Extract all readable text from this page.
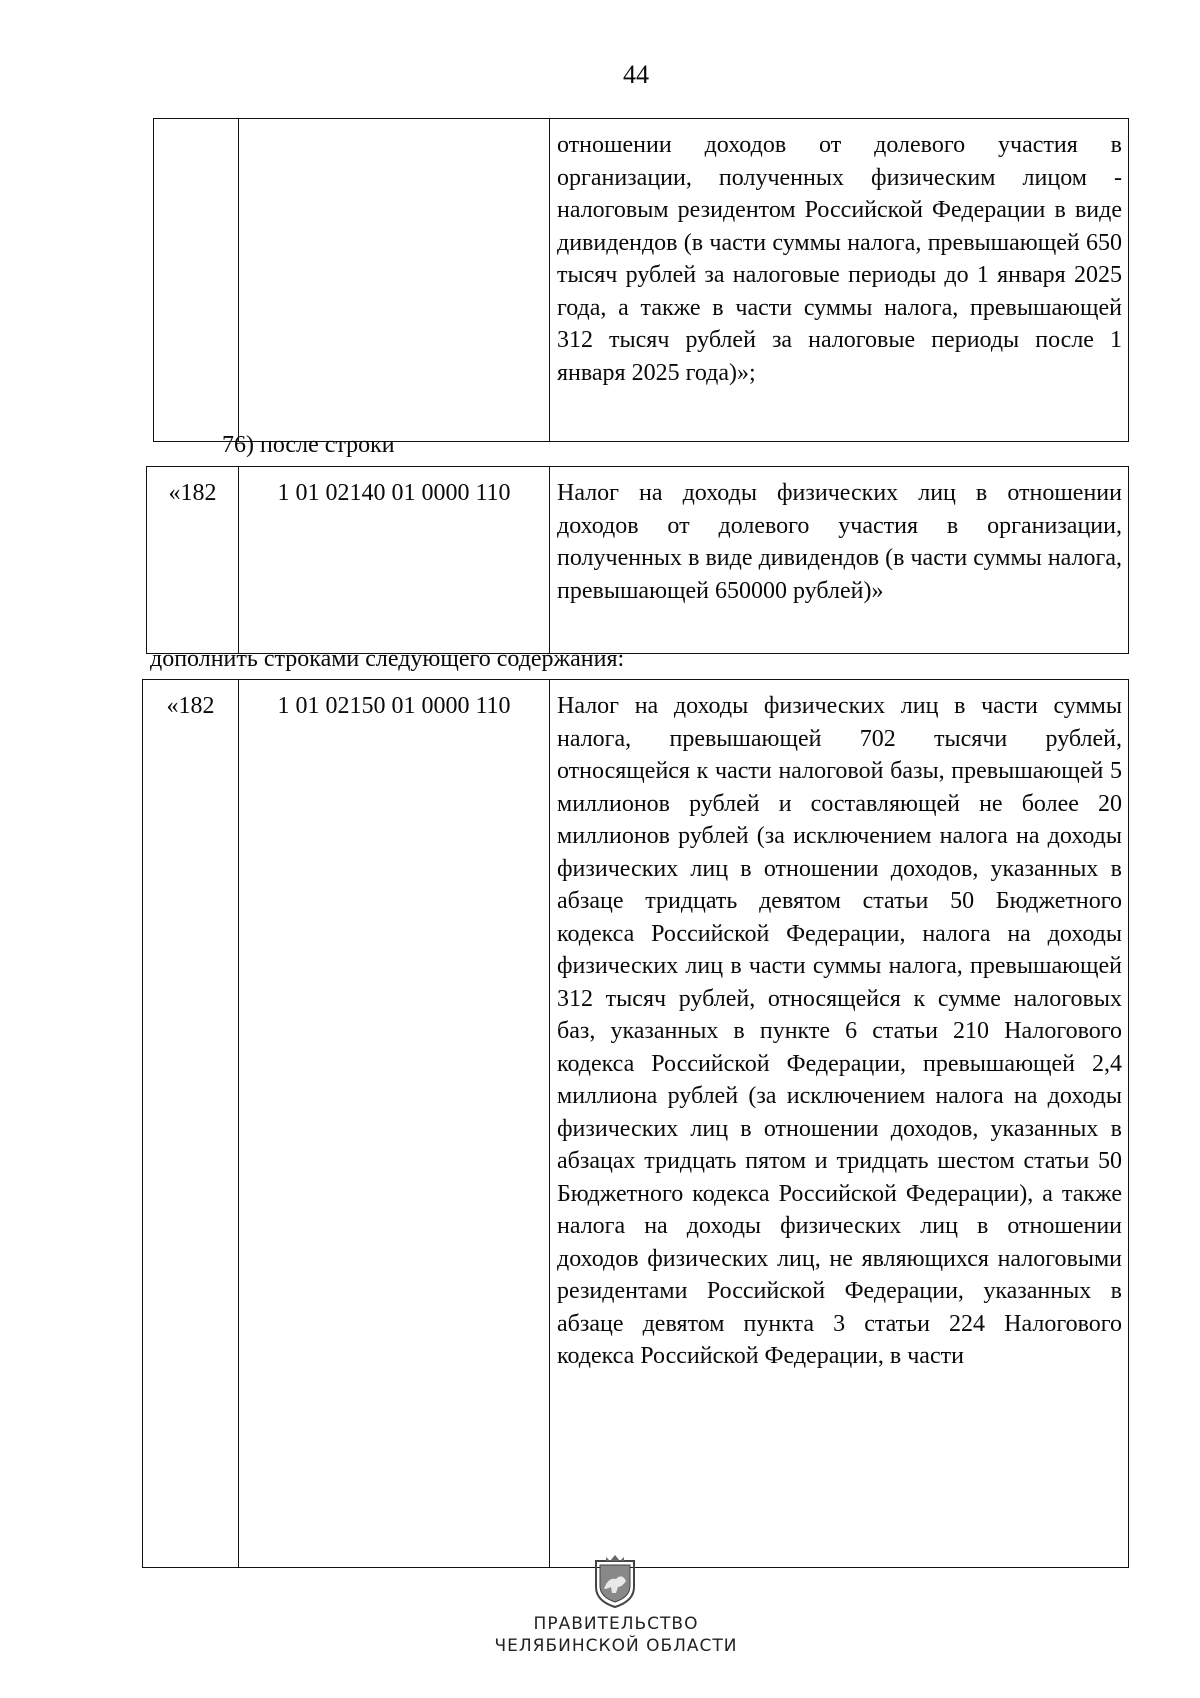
44
		отношении доходов от долевого участия в организации, полученных физическим лицом - налоговым резидентом Российской Федерации в виде дивидендов (в части суммы налога, превышающей 650 тысяч рублей за налоговые периоды до 1 января 2025 года, а также в части суммы налога, превышающей 312 тысяч рублей за налоговые периоды после 1 января 2025 года)»;
76) после строки
«182	1 01 02140 01 0000 110	Налог на доходы физических лиц в отношении доходов от долевого участия в организации, полученных в виде дивидендов (в части суммы налога, превышающей 650000 рублей)»
дополнить строками следующего содержания:
«182	1 01 02150 01 0000 110	Налог на доходы физических лиц в части суммы налога, превышающей 702 тысячи рублей, относящейся к части налоговой базы, превышающей 5 миллионов рублей и составляющей не более 20 миллионов рублей (за исключением налога на доходы физических лиц в отношении доходов, указанных в абзаце тридцать девятом статьи 50 Бюджетного кодекса Российской Федерации, налога на доходы физических лиц в части суммы налога, превышающей 312 тысяч рублей, относящейся к сумме налоговых баз, указанных в пункте 6 статьи 210 Налогового кодекса Российской Федерации, превышающей 2,4 миллиона рублей (за исключением налога на доходы физических лиц в отношении доходов, указанных в абзацах тридцать пятом и тридцать шестом статьи 50 Бюджетного кодекса Российской Федерации), а также налога на доходы физических лиц в отношении доходов физических лиц, не являющихся налоговыми резидентами Российской Федерации, указанных в абзаце девятом пункта 3 статьи 224 Налогового кодекса Российской Федерации, в части
ПРАВИТЕЛЬСТВО
ЧЕЛЯБИНСКОЙ ОБЛАСТИ
